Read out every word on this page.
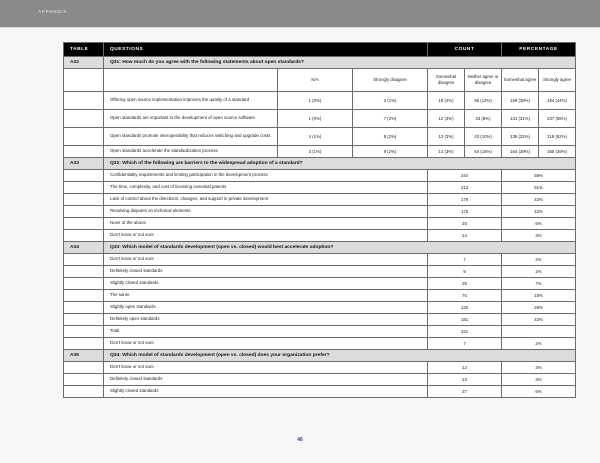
APPENDIX
TABLE	QUESTIONS			COUNT		PERCENTAGE	
A32	Q31: How much do you agree with the following statements about open standards?						
		N/A	Strongly disagree	Somewhat disagree	Neither agree or disagree	Somewhat agree	Strongly agree
	Offering open source implementation improves the quality of a standard	1 (0%)	3 (1%)	18 (4%)	55 (13%)	159 (38%)	184 (44%)
	Open standards are important to the development of open source software	1 (0%)	7 (2%)	12 (3%)	33 (8%)	131 (31%)	237 (56%)
	Open standards promote interoperability that reduces switching and upgrade costs	4 (1%)	8 (2%)	12 (3%)	43 (10%)	135 (32%)	218 (52%)
	Open standards accelerate the standardization process	3 (1%)	9 (2%)	14 (3%)	64 (15%)	164 (39%)	165 (39%)
A33	Q32: Which of the following are barriers to the widespread adoption of a standard?						
	Confidentiality requirements and limiting participation in the development process			244		58%	
	The time, complexity, and cost of licensing essential patents			213		51%	
	Lack of control about the directions, changes, and support in private development			179		43%	
	Resolving disputes on technical elements			175		42%	
	None of the above			25		6%	
	Don't know or not sure			14		3%	
A34	Q33: Which model of standards development (open vs. closed) would best accelerate adoption?						
	Don't know or not sure			7		2%	
	Definitely closed standards			9		2%	
	Slightly closed standards			28		7%	
	The same			76		18%	
	Slightly open standards			120		29%	
	Definitely open standards			181		43%	
	Total			421			
	Don't know or not sure			7		2%	
A35	Q34: Which model of standards development (open vs. closed) does your organization prefer?						
	Don't know or not sure			12		3%	
	Definitely closed standards			13		3%	
	Slightly closed standards			27		6%	
46
